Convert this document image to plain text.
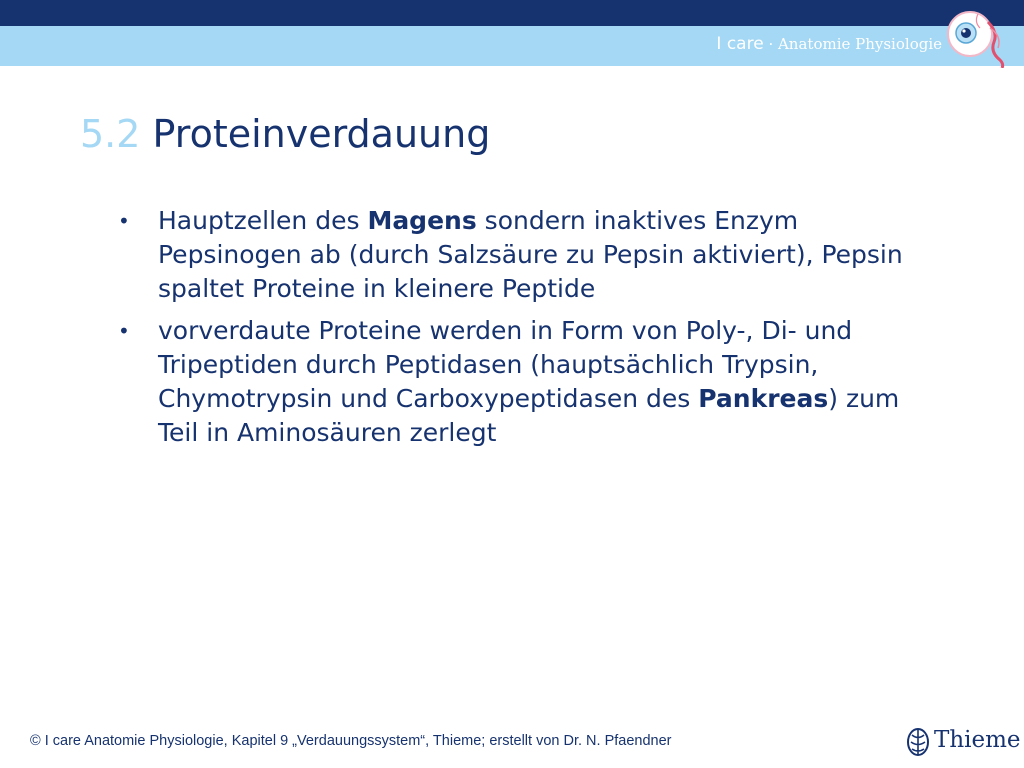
I care · Anatomie Physiologie
5.2 Proteinverdauung
• Hauptzellen des Magens sondern inaktives Enzym Pepsinogen ab (durch Salzsäure zu Pepsin aktiviert), Pepsin spaltet Proteine in kleinere Peptide
• vorverdaute Proteine werden in Form von Poly-, Di- und Tripeptiden durch Peptidasen (hauptsächlich Trypsin, Chymotrypsin und Carboxypeptidasen des Pankreas) zum Teil in Aminosäuren zerlegt
© I care Anatomie Physiologie, Kapitel 9 „Verdauungssystem“, Thieme; erstellt von Dr. N. Pfaendner	Thieme
